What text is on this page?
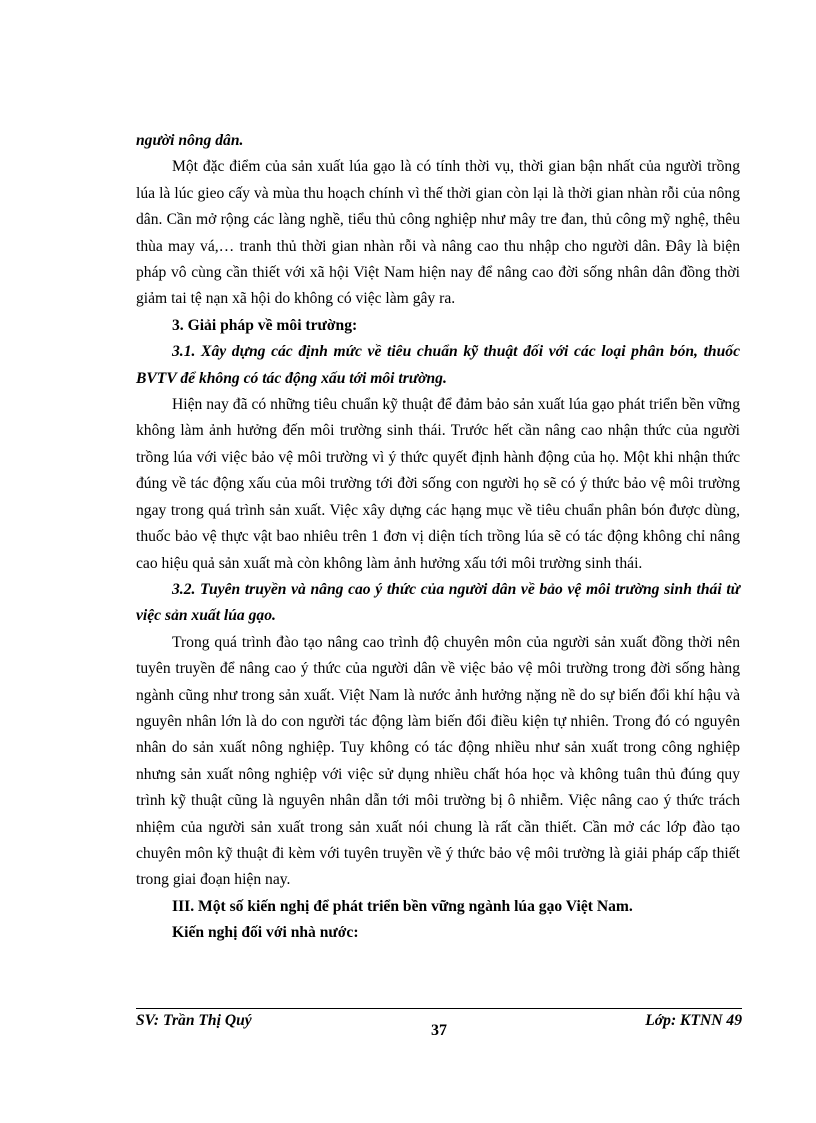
người nông dân.

Một đặc điểm của sản xuất lúa gạo là có tính thời vụ, thời gian bận nhất của người trồng lúa là lúc gieo cấy và mùa thu hoạch chính vì thế thời gian còn lại là thời gian nhàn rỗi của nông dân. Cần mở rộng các làng nghề, tiểu thủ công nghiệp như mây tre đan, thủ công mỹ nghệ, thêu thùa may vá,… tranh thủ thời gian nhàn rỗi và nâng cao thu nhập cho người dân. Đây là biện pháp vô cùng cần thiết với xã hội Việt Nam hiện nay để nâng cao đời sống nhân dân đồng thời giảm tai tệ nạn xã hội do không có việc làm gây ra.

3. Giải pháp về môi trường:

3.1. Xây dựng các định mức về tiêu chuẩn kỹ thuật đối với các loại phân bón, thuốc BVTV để không có tác động xấu tới môi trường.

Hiện nay đã có những tiêu chuẩn kỹ thuật để đảm bảo sản xuất lúa gạo phát triển bền vững không làm ảnh hưởng đến môi trường sinh thái. Trước hết cần nâng cao nhận thức của người trồng lúa với việc bảo vệ môi trường vì ý thức quyết định hành động của họ. Một khi nhận thức đúng về tác động xấu của môi trường tới đời sống con người họ sẽ có ý thức bảo vệ môi trường ngay trong quá trình sản xuất. Việc xây dựng các hạng mục về tiêu chuẩn phân bón được dùng, thuốc bảo vệ thực vật bao nhiêu trên 1 đơn vị diện tích trồng lúa sẽ có tác động không chỉ nâng cao hiệu quả sản xuất mà còn không làm ảnh hưởng xấu tới môi trường sinh thái.

3.2. Tuyên truyền và nâng cao ý thức của người dân về bảo vệ môi trường sinh thái từ việc sản xuất lúa gạo.

Trong quá trình đào tạo nâng cao trình độ chuyên môn của người sản xuất đồng thời nên tuyên truyền để nâng cao ý thức của người dân về việc bảo vệ môi trường trong đời sống hàng ngành cũng như trong sản xuất. Việt Nam là nước ảnh hưởng nặng nề do sự biến đổi khí hậu và nguyên nhân lớn là do con người tác động làm biến đổi điều kiện tự nhiên. Trong đó có nguyên nhân do sản xuất nông nghiệp. Tuy không có tác động nhiều như sản xuất trong công nghiệp nhưng sản xuất nông nghiệp với việc sử dụng nhiều chất hóa học và không tuân thủ đúng quy trình kỹ thuật cũng là nguyên nhân dẫn tới môi trường bị ô nhiễm. Việc nâng cao ý thức trách nhiệm của người sản xuất trong sản xuất nói chung là rất cần thiết. Cần mở các lớp đào tạo chuyên môn kỹ thuật đi kèm với tuyên truyền về ý thức bảo vệ môi trường là giải pháp cấp thiết trong giai đoạn hiện nay.

III. Một số kiến nghị để phát triển bền vững ngành lúa gạo Việt Nam.

Kiến nghị đối với nhà nước:

SV: Trần Thị Quý
37
Lớp: KTNN 49
